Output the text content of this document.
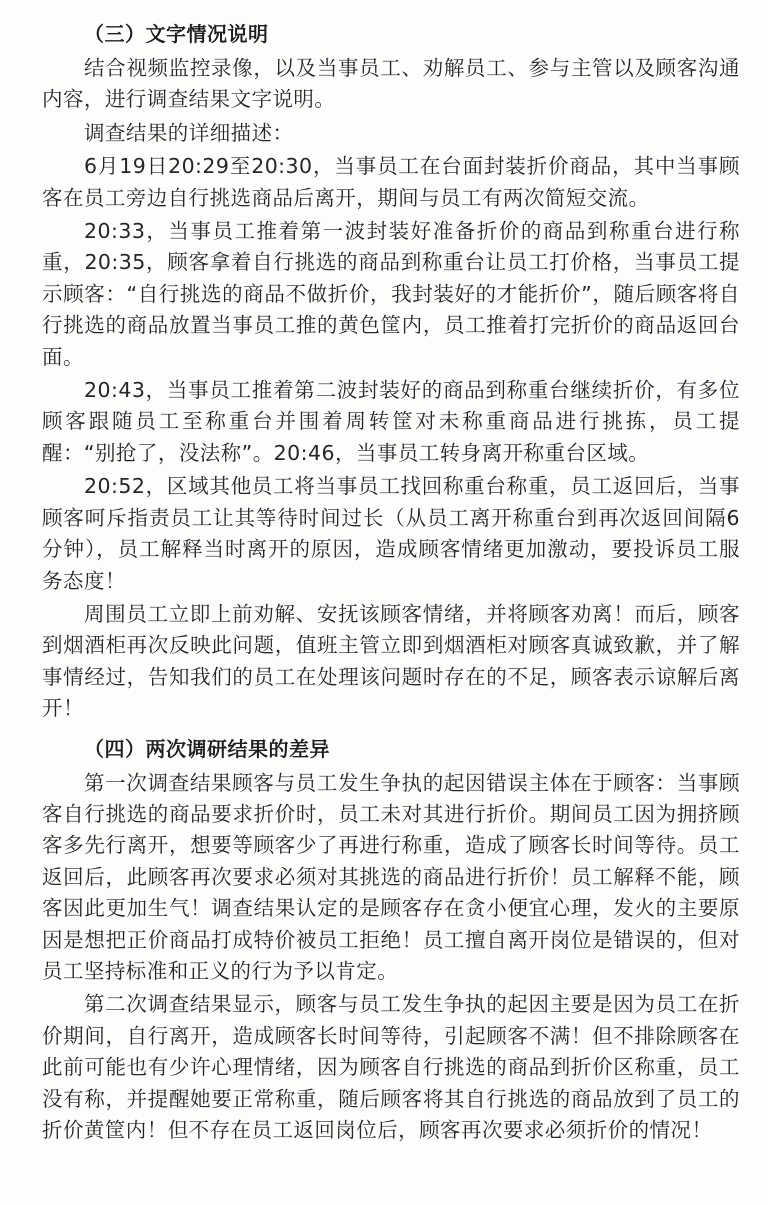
（三）文字情况说明

结合视频监控录像，以及当事员工、劝解员工、参与主管以及顾客沟通内容，进行调查结果文字说明。

调查结果的详细描述：

6月19日20:29至20:30，当事员工在台面封装折价商品，其中当事顾客在员工旁边自行挑选商品后离开，期间与员工有两次简短交流。

20:33，当事员工推着第一波封装好准备折价的商品到称重台进行称重，20:35，顾客拿着自行挑选的商品到称重台让员工打价格，当事员工提示顾客：“自行挑选的商品不做折价，我封装好的才能折价”，随后顾客将自行挑选的商品放置当事员工推的黄色筐内，员工推着打完折价的商品返回台面。

20:43，当事员工推着第二波封装好的商品到称重台继续折价，有多位顾客跟随员工至称重台并围着周转筐对未称重商品进行挑拣，员工提醒：“别抢了，没法称”。20:46，当事员工转身离开称重台区域。

20:52，区域其他员工将当事员工找回称重台称重，员工返回后，当事顾客呵斥指责员工让其等待时间过长（从员工离开称重台到再次返回间隔6分钟），员工解释当时离开的原因，造成顾客情绪更加激动，要投诉员工服务态度！

周围员工立即上前劝解、安抚该顾客情绪，并将顾客劝离！而后，顾客到烟酒柜再次反映此问题，值班主管立即到烟酒柜对顾客真诚致歉，并了解事情经过，告知我们的员工在处理该问题时存在的不足，顾客表示谅解后离开！

（四）两次调研结果的差异

第一次调查结果顾客与员工发生争执的起因错误主体在于顾客：当事顾客自行挑选的商品要求折价时，员工未对其进行折价。期间员工因为拥挤顾客多先行离开，想要等顾客少了再进行称重，造成了顾客长时间等待。员工返回后，此顾客再次要求必须对其挑选的商品进行折价！员工解释不能，顾客因此更加生气！调查结果认定的是顾客存在贪小便宜心理，发火的主要原因是想把正价商品打成特价被员工拒绝！员工擅自离开岗位是错误的，但对员工坚持标准和正义的行为予以肯定。

第二次调查结果显示，顾客与员工发生争执的起因主要是因为员工在折价期间，自行离开，造成顾客长时间等待，引起顾客不满！但不排除顾客在此前可能也有少许心理情绪，因为顾客自行挑选的商品到折价区称重，员工没有称，并提醒她要正常称重，随后顾客将其自行挑选的商品放到了员工的折价黄筐内！但不存在员工返回岗位后，顾客再次要求必须折价的情况！
